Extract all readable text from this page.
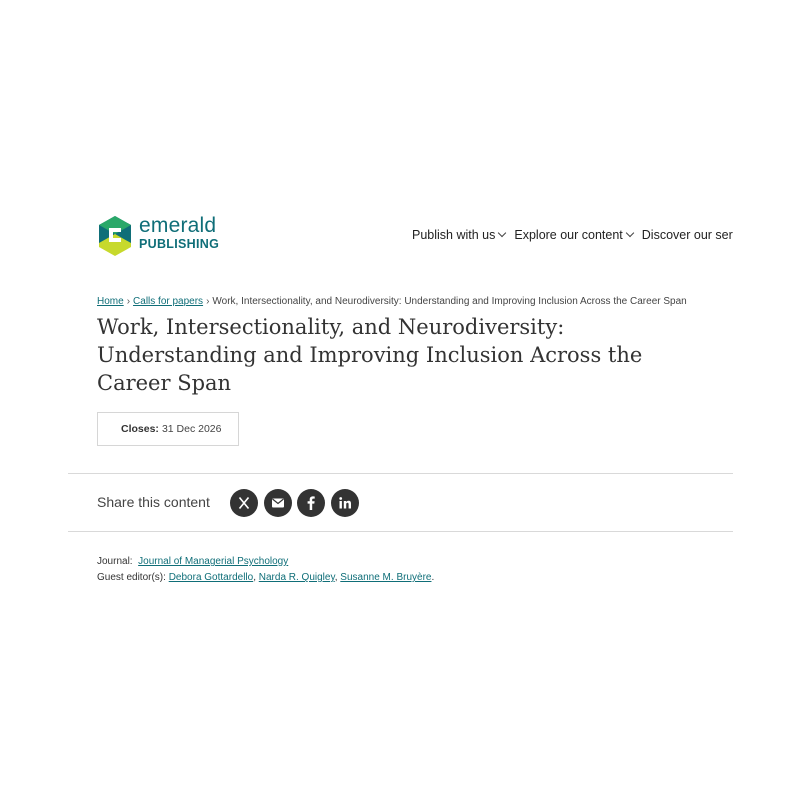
emerald
PUBLISHING
Publish with us Explore our content Discover our ser
Home › Calls for papers › Work, Intersectionality, and Neurodiversity: Understanding and Improving Inclusion Across the Career Span
Work, Intersectionality, and Neurodiversity: Understanding and Improving Inclusion Across the Career Span
Closes: 31 Dec 2026
Share this content
Journal: Journal of Managerial Psychology
Guest editor(s): Debora Gottardello, Narda R. Quigley, Susanne M. Bruyère.
